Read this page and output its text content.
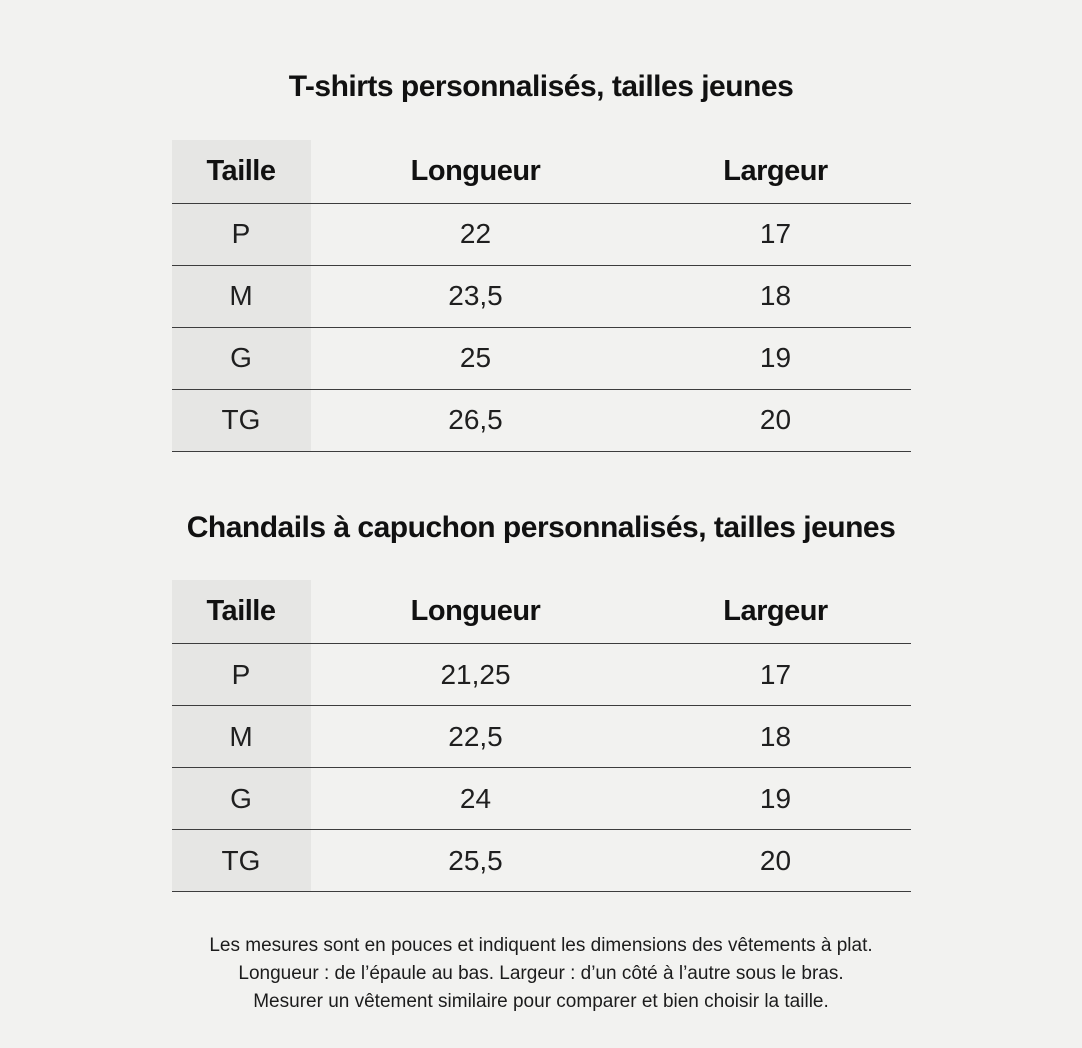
T-shirts personnalisés, tailles jeunes
Taille	Longueur	Largeur
P	22	17
M	23,5	18
G	25	19
TG	26,5	20
Chandails à capuchon personnalisés, tailles jeunes
Taille	Longueur	Largeur
P	21,25	17
M	22,5	18
G	24	19
TG	25,5	20
Les mesures sont en pouces et indiquent les dimensions des vêtements à plat.
Longueur : de l’épaule au bas. Largeur : d’un côté à l’autre sous le bras.
Mesurer un vêtement similaire pour comparer et bien choisir la taille.
